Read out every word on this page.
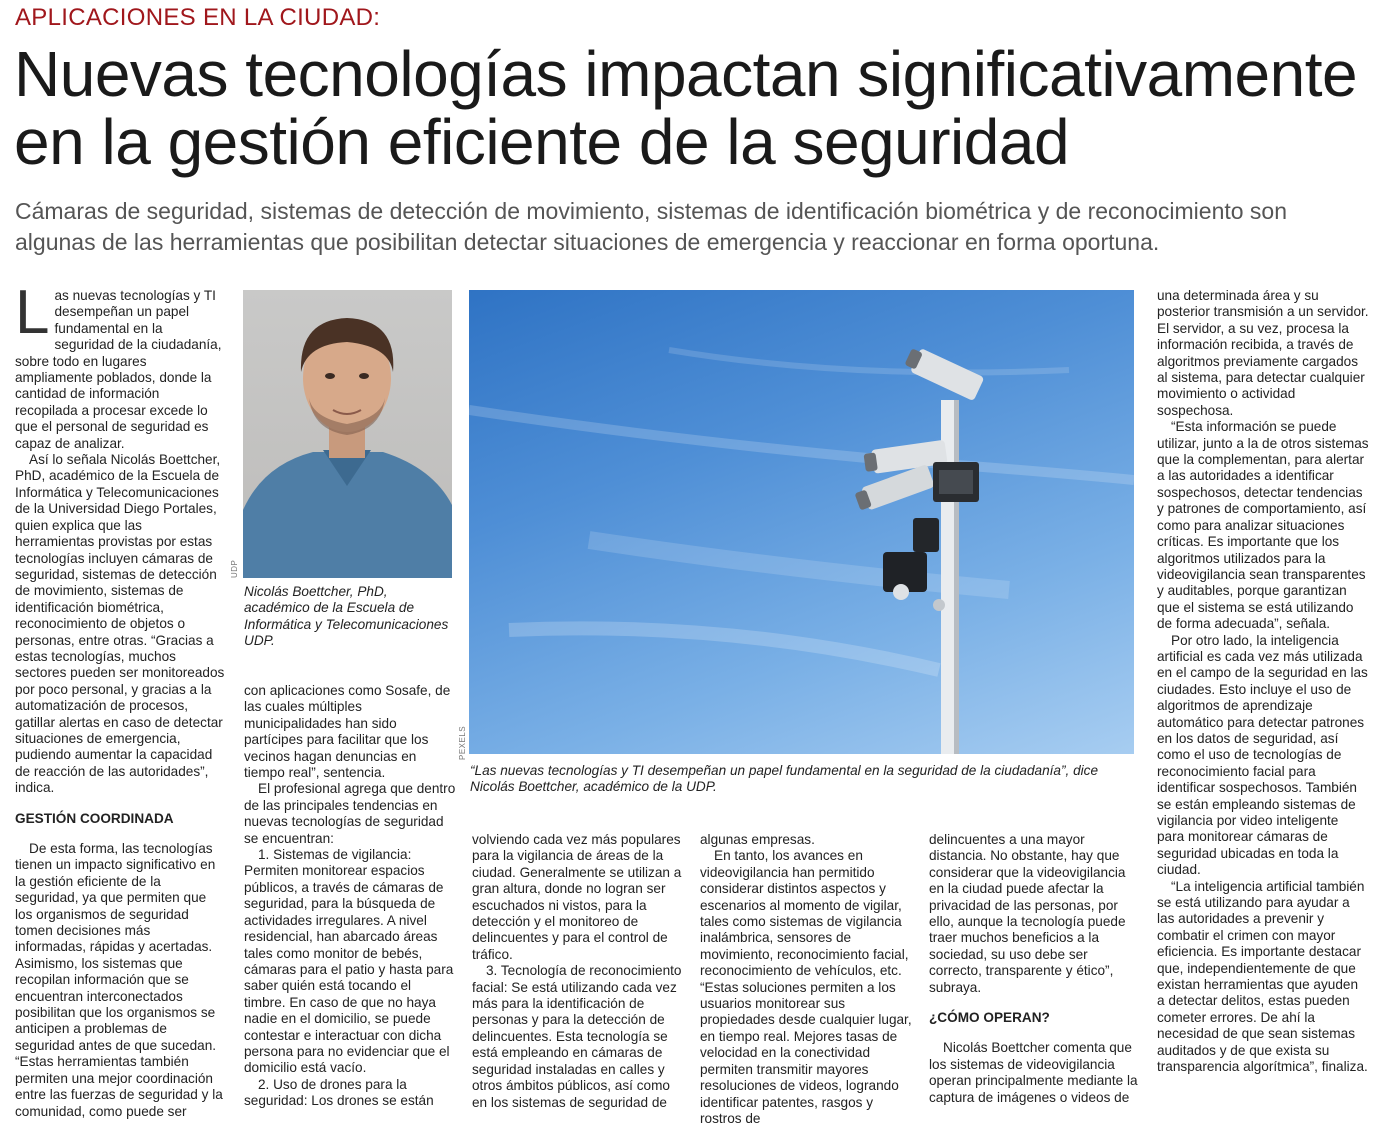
APLICACIONES EN LA CIUDAD:
Nuevas tecnologías impactan significativamente
en la gestión eficiente de la seguridad

Cámaras de seguridad, sistemas de detección de movimiento, sistemas de identificación biométrica y de reconocimiento son algunas de las herramientas que posibilitan detectar situaciones de emergencia y reaccionar en forma oportuna.

Las nuevas tecnologías y TI desempeñan un papel fundamental en la seguridad de la ciudadanía, sobre todo en lugares ampliamente poblados, donde la cantidad de información recopilada a procesar excede lo que el personal de seguridad es capaz de analizar.

Así lo señala Nicolás Boettcher, PhD, académico de la Escuela de Informática y Telecomunicaciones de la Universidad Diego Portales, quien explica que las herramientas provistas por estas tecnologías incluyen cámaras de seguridad, sistemas de detección de movimiento, sistemas de identificación biométrica, reconocimiento de objetos o personas, entre otras. “Gracias a estas tecnologías, muchos sectores pueden ser monitoreados por poco personal, y gracias a la automatización de procesos, gatillar alertas en caso de detectar situaciones de emergencia, pudiendo aumentar la capacidad de reacción de las autoridades”, indica.

GESTIÓN COORDINADA

De esta forma, las tecnologías tienen un impacto significativo en la gestión eficiente de la seguridad, ya que permiten que los organismos de seguridad tomen decisiones más informadas, rápidas y acertadas. Asimismo, los sistemas que recopilan información que se encuentran interconectados posibilitan que los organismos se anticipen a problemas de seguridad antes de que sucedan. “Estas herramientas también permiten una mejor coordinación entre las fuerzas de seguridad y la comunidad, como puede ser

UDP

Nicolás Boettcher, PhD, académico de la Escuela de Informática y Telecomunicaciones UDP.

con aplicaciones como Sosafe, de las cuales múltiples municipalidades han sido partícipes para facilitar que los vecinos hagan denuncias en tiempo real”, sentencia.

El profesional agrega que dentro de las principales tendencias en nuevas tecnologías de seguridad se encuentran:

1. Sistemas de vigilancia: Permiten monitorear espacios públicos, a través de cámaras de seguridad, para la búsqueda de actividades irregulares. A nivel residencial, han abarcado áreas tales como monitor de bebés, cámaras para el patio y hasta para saber quién está tocando el timbre. En caso de que no haya nadie en el domicilio, se puede contestar e interactuar con dicha persona para no evidenciar que el domicilio está vacío.

2. Uso de drones para la seguridad: Los drones se están

PEXELS

“Las nuevas tecnologías y TI desempeñan un papel fundamental en la seguridad de la ciudadanía”, dice Nicolás Boettcher, académico de la UDP.

volviendo cada vez más populares para la vigilancia de áreas de la ciudad. Generalmente se utilizan a gran altura, donde no logran ser escuchados ni vistos, para la detección y el monitoreo de delincuentes y para el control de tráfico.

3. Tecnología de reconocimiento facial: Se está utilizando cada vez más para la identificación de personas y para la detección de delincuentes. Esta tecnología se está empleando en cámaras de seguridad instaladas en calles y otros ámbitos públicos, así como en los sistemas de seguridad de

algunas empresas.

En tanto, los avances en videovigilancia han permitido considerar distintos aspectos y escenarios al momento de vigilar, tales como sistemas de vigilancia inalámbrica, sensores de movimiento, reconocimiento facial, reconocimiento de vehículos, etc. “Estas soluciones permiten a los usuarios monitorear sus propiedades desde cualquier lugar, en tiempo real. Mejores tasas de velocidad en la conectividad permiten transmitir mayores resoluciones de videos, logrando identificar patentes, rasgos y rostros de

delincuentes a una mayor distancia. No obstante, hay que considerar que la videovigilancia en la ciudad puede afectar la privacidad de las personas, por ello, aunque la tecnología puede traer muchos beneficios a la sociedad, su uso debe ser correcto, transparente y ético”, subraya.

¿CÓMO OPERAN?

Nicolás Boettcher comenta que los sistemas de videovigilancia operan principalmente mediante la captura de imágenes o videos de

una determinada área y su posterior transmisión a un servidor. El servidor, a su vez, procesa la información recibida, a través de algoritmos previamente cargados al sistema, para detectar cualquier movimiento o actividad sospechosa.

“Esta información se puede utilizar, junto a la de otros sistemas que la complementan, para alertar a las autoridades a identificar sospechosos, detectar tendencias y patrones de comportamiento, así como para analizar situaciones críticas. Es importante que los algoritmos utilizados para la videovigilancia sean transparentes y auditables, porque garantizan que el sistema se está utilizando de forma adecuada”, señala.

Por otro lado, la inteligencia artificial es cada vez más utilizada en el campo de la seguridad en las ciudades. Esto incluye el uso de algoritmos de aprendizaje automático para detectar patrones en los datos de seguridad, así como el uso de tecnologías de reconocimiento facial para identificar sospechosos. También se están empleando sistemas de vigilancia por video inteligente para monitorear cámaras de seguridad ubicadas en toda la ciudad.

“La inteligencia artificial también se está utilizando para ayudar a las autoridades a prevenir y combatir el crimen con mayor eficiencia. Es importante destacar que, independientemente de que existan herramientas que ayuden a detectar delitos, estas pueden cometer errores. De ahí la necesidad de que sean sistemas auditados y de que exista su transparencia algorítmica”, finaliza.
